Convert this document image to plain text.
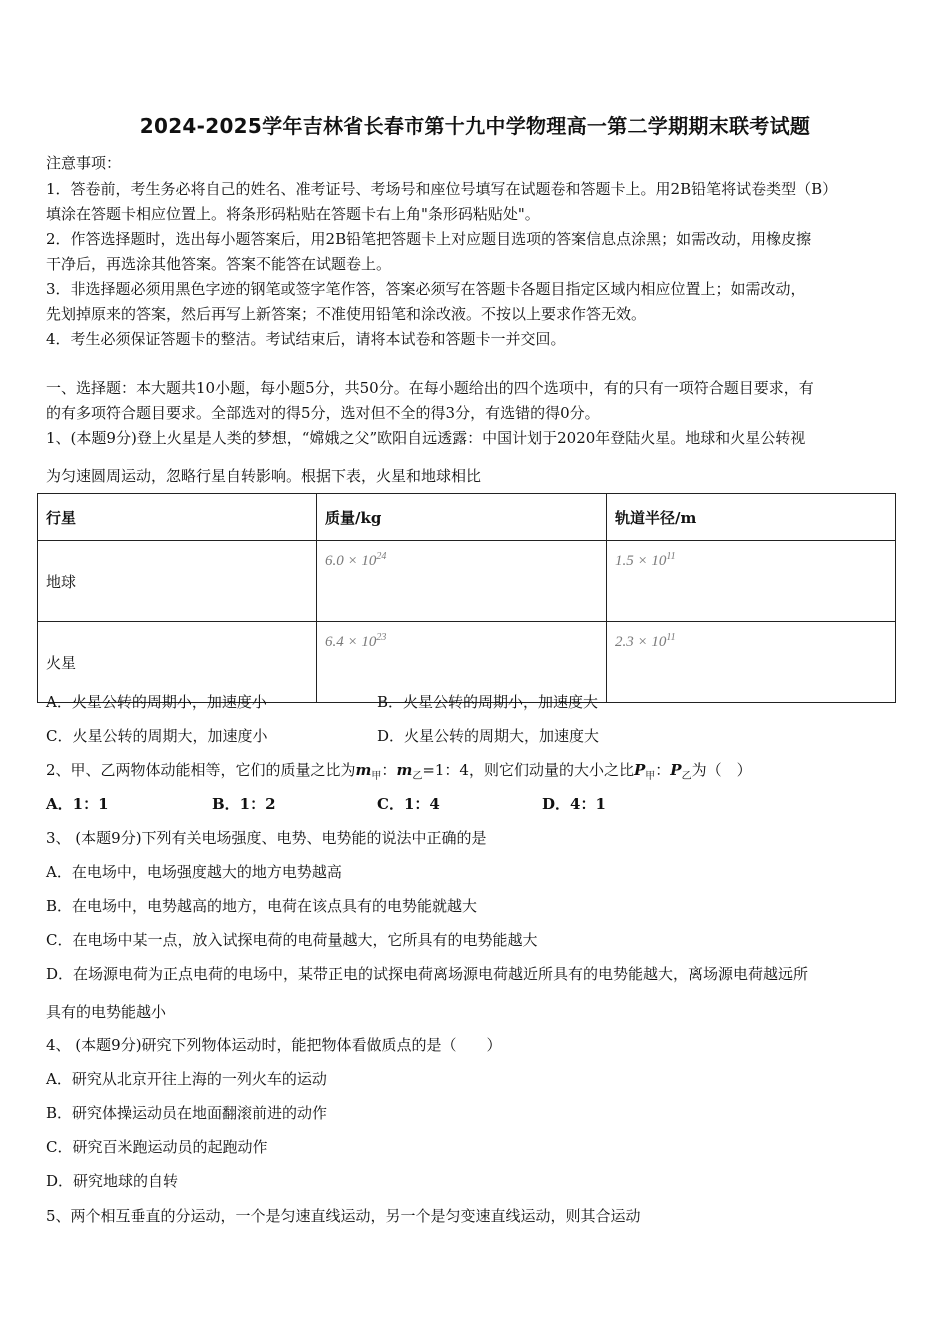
2024-2025学年吉林省长春市第十九中学物理高一第二学期期末联考试题
注意事项：
1．答卷前，考生务必将自己的姓名、准考证号、考场号和座位号填写在试题卷和答题卡上。用2B铅笔将试卷类型（B）
填涂在答题卡相应位置上。将条形码粘贴在答题卡右上角"条形码粘贴处"。
2．作答选择题时，选出每小题答案后，用2B铅笔把答题卡上对应题目选项的答案信息点涂黑；如需改动，用橡皮擦
干净后，再选涂其他答案。答案不能答在试题卷上。
3．非选择题必须用黑色字迹的钢笔或签字笔作答，答案必须写在答题卡各题目指定区域内相应位置上；如需改动，
先划掉原来的答案，然后再写上新答案；不准使用铅笔和涂改液。不按以上要求作答无效。
4．考生必须保证答题卡的整洁。考试结束后，请将本试卷和答题卡一并交回。
一、选择题：本大题共10小题，每小题5分，共50分。在每小题给出的四个选项中，有的只有一项符合题目要求，有
的有多项符合题目要求。全部选对的得5分，选对但不全的得3分，有选错的得0分。
1、(本题9分)登上火星是人类的梦想，“嫦娥之父”欧阳自远透露：中国计划于2020年登陆火星。地球和火星公转视
为匀速圆周运动，忽略行星自转影响。根据下表，火星和地球相比
行星	质量/kg	轨道半径/m
地球	$6.0 \times 10^{24}$	$1.5 \times 10^{11}$
火星	$6.4 \times 10^{23}$	$2.3 \times 10^{11}$
A．火星公转的周期小，加速度小	B．火星公转的周期小，加速度大
C．火星公转的周期大，加速度小	D．火星公转的周期大，加速度大
2、甲、乙两物体动能相等，它们的质量之比为$m_甲$：$m_乙=1$：4，则它们动量的大小之比$P_甲$：$P_乙$为（　）
A．1：1	B．1：2	C．1：4	D．4：1
3、 (本题9分)下列有关电场强度、电势、电势能的说法中正确的是
A．在电场中，电场强度越大的地方电势越高
B．在电场中，电势越高的地方，电荷在该点具有的电势能就越大
C．在电场中某一点，放入试探电荷的电荷量越大，它所具有的电势能越大
D．在场源电荷为正点电荷的电场中，某带正电的试探电荷离场源电荷越近所具有的电势能越大，离场源电荷越远所
具有的电势能越小
4、 (本题9分)研究下列物体运动时，能把物体看做质点的是（　　）
A．研究从北京开往上海的一列火车的运动
B．研究体操运动员在地面翻滚前进的动作
C．研究百米跑运动员的起跑动作
D．研究地球的自转
5、两个相互垂直的分运动，一个是匀速直线运动，另一个是匀变速直线运动，则其合运动
